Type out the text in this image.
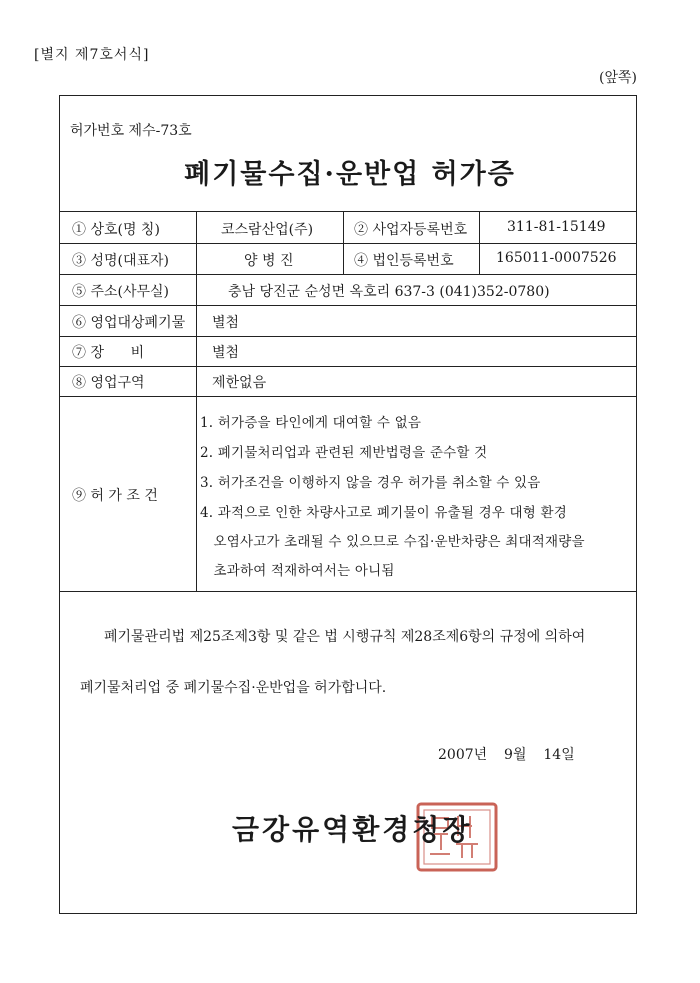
[별지 제7호서식]
(앞쪽)
허가번호 제수-73호
폐기물수집·운반업 허가증
① 상호(명 칭)	코스람산업(주)	② 사업자등록번호	311-81-15149
③ 성명(대표자)	양 병 진	④ 법인등록번호	165011-0007526
⑤ 주소(사무실)	충남 당진군 순성면 옥호리 637-3 (041)352-0780)
⑥ 영업대상폐기물 별첨
⑦ 장      비	별첨
⑧ 영업구역	제한없음
⑨ 허 가 조 건
1. 허가증을 타인에게 대여할 수 없음
2. 폐기물처리업과 관련된 제반법령을 준수할 것
3. 허가조건을 이행하지 않을 경우 허가를 취소할 수 있음
4. 과적으로 인한 차량사고로 폐기물이 유출될 경우 대형 환경
오염사고가 초래될 수 있으므로 수집·운반차량은 최대적재량을
초과하여 적재하여서는 아니됨
폐기물관리법 제25조제3항 및 같은 법 시행규칙 제28조제6항의 규정에 의하여
폐기물처리업 중 폐기물수집·운반업을 허가합니다.
2007년  9월  14일
금강유역환경청장
